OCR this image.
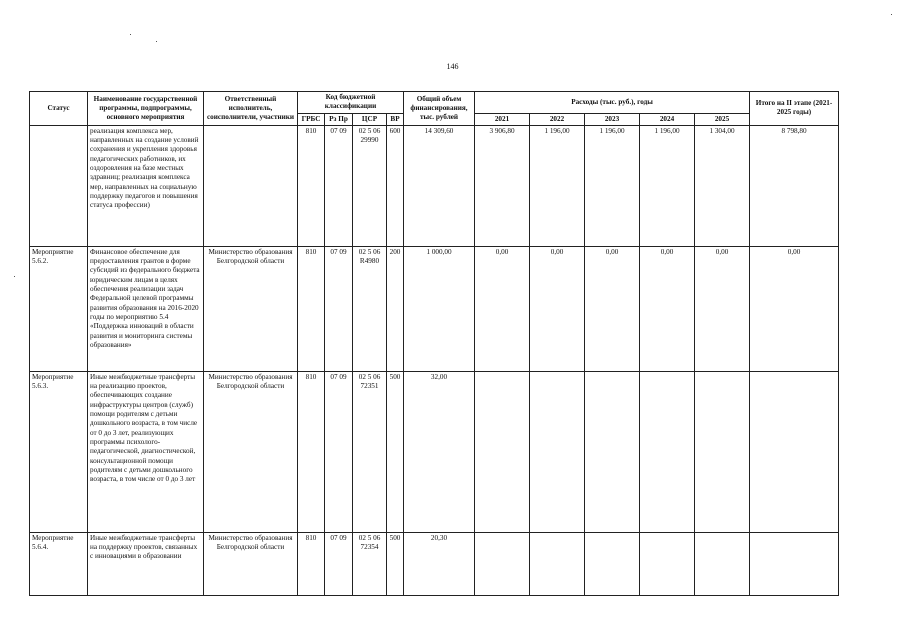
146
Статус	Наименование государственной программы, подпрограммы, основного мероприятия	Ответственный исполнитель, соисполнители, участники	Код бюджетной классификации				Общий объем финансирования, тыс. рублей	Расходы (тыс. руб.), годы					Итого на II этапе (2021-2025 годы)
			ГРБС	Рз Пр	ЦСР	ВР		2021	2022	2023	2024	2025	

	реализация комплекса мер, направленных на создание условий сохранения и укрепления здоровья педагогических работников, их оздоровления на базе местных здравниц; реализация комплекса мер, направленных на социальную поддержку педагогов и повышения статуса профессии)		810	07 09	02 5 06 29990	600	14 309,60	3 906,80	1 196,00	1 196,00	1 196,00	1 304,00	8 798,80
Мероприятие 5.6.2.	Финансовое обеспечение для предоставления грантов в форме субсидий из федерального бюджета юридическим лицам в целях обеспечения реализации задач Федеральной целевой программы развития образования на 2016-2020 годы по мероприятию 5.4 «Поддержка инноваций в области развития и мониторинга системы образования»	Министерство образования Белгородской области	810	07 09	02 5 06 R4980	200	1 000,00	0,00	0,00	0,00	0,00	0,00	0,00
Мероприятие 5.6.3.	Иные межбюджетные трансферты на реализацию проектов, обеспечивающих создание инфраструктуры центров (служб) помощи родителям с детьми дошкольного возраста, в том числе от 0 до 3 лет, реализующих программы психолого-педагогической, диагностической, консультационной помощи родителям с детьми дошкольного возраста, в том числе от 0 до 3 лет	Министерство образования Белгородской области	810	07 09	02 5 06 72351	500	32,00						
Мероприятие 5.6.4.	Иные межбюджетные трансферты на поддержку проектов, связанных с инновациями в образовании	Министерство образования Белгородской области	810	07 09	02 5 06 72354	500	20,30						
